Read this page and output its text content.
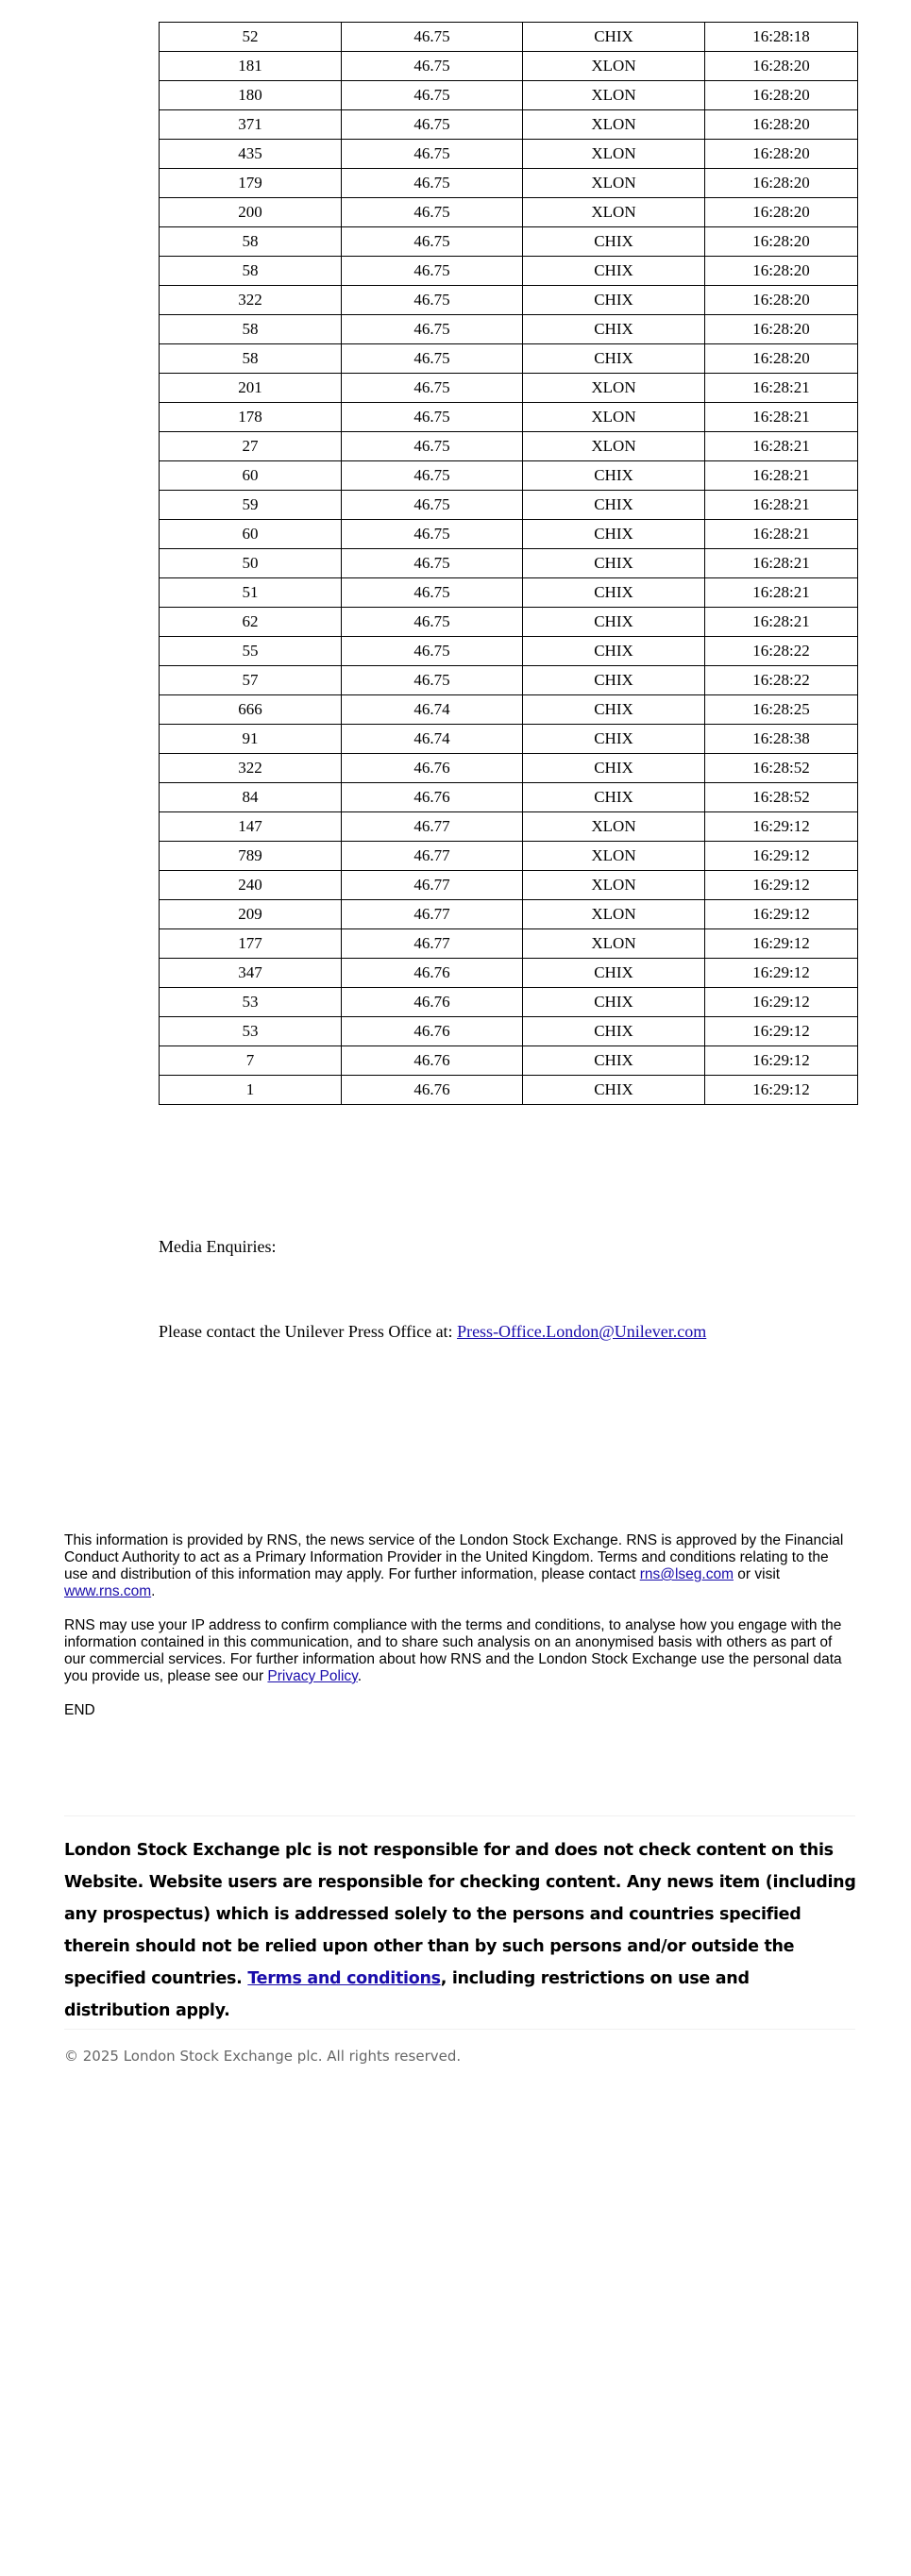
52	46.75	CHIX	16:28:18
181	46.75	XLON	16:28:20
180	46.75	XLON	16:28:20
371	46.75	XLON	16:28:20
435	46.75	XLON	16:28:20
179	46.75	XLON	16:28:20
200	46.75	XLON	16:28:20
58	46.75	CHIX	16:28:20
58	46.75	CHIX	16:28:20
322	46.75	CHIX	16:28:20
58	46.75	CHIX	16:28:20
58	46.75	CHIX	16:28:20
201	46.75	XLON	16:28:21
178	46.75	XLON	16:28:21
27	46.75	XLON	16:28:21
60	46.75	CHIX	16:28:21
59	46.75	CHIX	16:28:21
60	46.75	CHIX	16:28:21
50	46.75	CHIX	16:28:21
51	46.75	CHIX	16:28:21
62	46.75	CHIX	16:28:21
55	46.75	CHIX	16:28:22
57	46.75	CHIX	16:28:22
666	46.74	CHIX	16:28:25
91	46.74	CHIX	16:28:38
322	46.76	CHIX	16:28:52
84	46.76	CHIX	16:28:52
147	46.77	XLON	16:29:12
789	46.77	XLON	16:29:12
240	46.77	XLON	16:29:12
209	46.77	XLON	16:29:12
177	46.77	XLON	16:29:12
347	46.76	CHIX	16:29:12
53	46.76	CHIX	16:29:12
53	46.76	CHIX	16:29:12
7	46.76	CHIX	16:29:12
1	46.76	CHIX	16:29:12

Media Enquiries:

Please contact the Unilever Press Office at: Press-Office.London@Unilever.com

This information is provided by RNS, the news service of the London Stock Exchange. RNS is approved by the Financial Conduct Authority to act as a Primary Information Provider in the United Kingdom. Terms and conditions relating to the use and distribution of this information may apply. For further information, please contact rns@lseg.com or visit www.rns.com.

RNS may use your IP address to confirm compliance with the terms and conditions, to analyse how you engage with the information contained in this communication, and to share such analysis on an anonymised basis with others as part of our commercial services. For further information about how RNS and the London Stock Exchange use the personal data you provide us, please see our Privacy Policy.

END

London Stock Exchange plc is not responsible for and does not check content on this Website. Website users are responsible for checking content. Any news item (including any prospectus) which is addressed solely to the persons and countries specified therein should not be relied upon other than by such persons and/or outside the specified countries. Terms and conditions, including restrictions on use and distribution apply.

© 2025 London Stock Exchange plc. All rights reserved.
